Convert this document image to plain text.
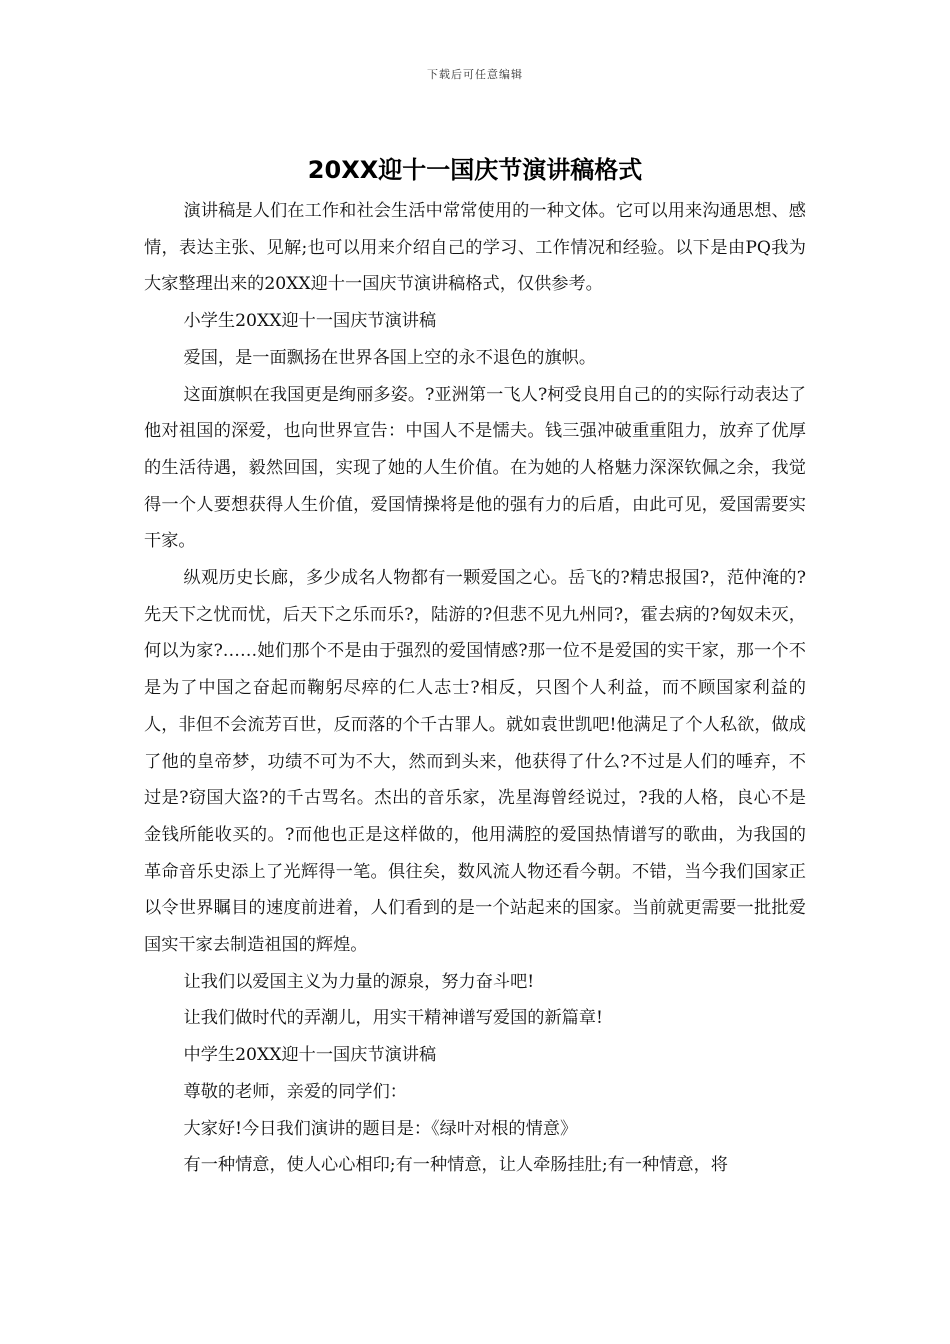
下载后可任意编辑
20XX迎十一国庆节演讲稿格式

演讲稿是人们在工作和社会生活中常常使用的一种文体。它可以用来沟通思想、感情，表达主张、见解;也可以用来介绍自己的学习、工作情况和经验。以下是由PQ我为大家整理出来的20XX迎十一国庆节演讲稿格式，仅供参考。

小学生20XX迎十一国庆节演讲稿

爱国，是一面飘扬在世界各国上空的永不退色的旗帜。

这面旗帜在我国更是绚丽多姿。?亚洲第一飞人?柯受良用自己的的实际行动表达了他对祖国的深爱，也向世界宣告：中国人不是懦夫。钱三强冲破重重阻力，放弃了优厚的生活待遇，毅然回国，实现了她的人生价值。在为她的人格魅力深深钦佩之余，我觉得一个人要想获得人生价值，爱国情操将是他的强有力的后盾，由此可见，爱国需要实干家。

纵观历史长廊，多少成名人物都有一颗爱国之心。岳飞的?精忠报国?，范仲淹的?先天下之忧而忧，后天下之乐而乐?，陆游的?但悲不见九州同?，霍去病的?匈奴未灭，何以为家?……她们那个不是由于强烈的爱国情感?那一位不是爱国的实干家，那一个不是为了中国之奋起而鞠躬尽瘁的仁人志士?相反，只图个人利益，而不顾国家利益的人，非但不会流芳百世，反而落的个千古罪人。就如袁世凯吧!他满足了个人私欲，做成了他的皇帝梦，功绩不可为不大，然而到头来，他获得了什么?不过是人们的唾弃，不过是?窃国大盗?的千古骂名。杰出的音乐家，冼星海曾经说过，?我的人格，良心不是金钱所能收买的。?而他也正是这样做的，他用满腔的爱国热情谱写的歌曲，为我国的革命音乐史添上了光辉得一笔。俱往矣，数风流人物还看今朝。不错，当今我们国家正以令世界瞩目的速度前进着，人们看到的是一个站起来的国家。当前就更需要一批批爱国实干家去制造祖国的辉煌。

让我们以爱国主义为力量的源泉，努力奋斗吧!

让我们做时代的弄潮儿，用实干精神谱写爱国的新篇章!

中学生20XX迎十一国庆节演讲稿

尊敬的老师，亲爱的同学们：

大家好!今日我们演讲的题目是：《绿叶对根的情意》

有一种情意，使人心心相印;有一种情意，让人牵肠挂肚;有一种情意，将
